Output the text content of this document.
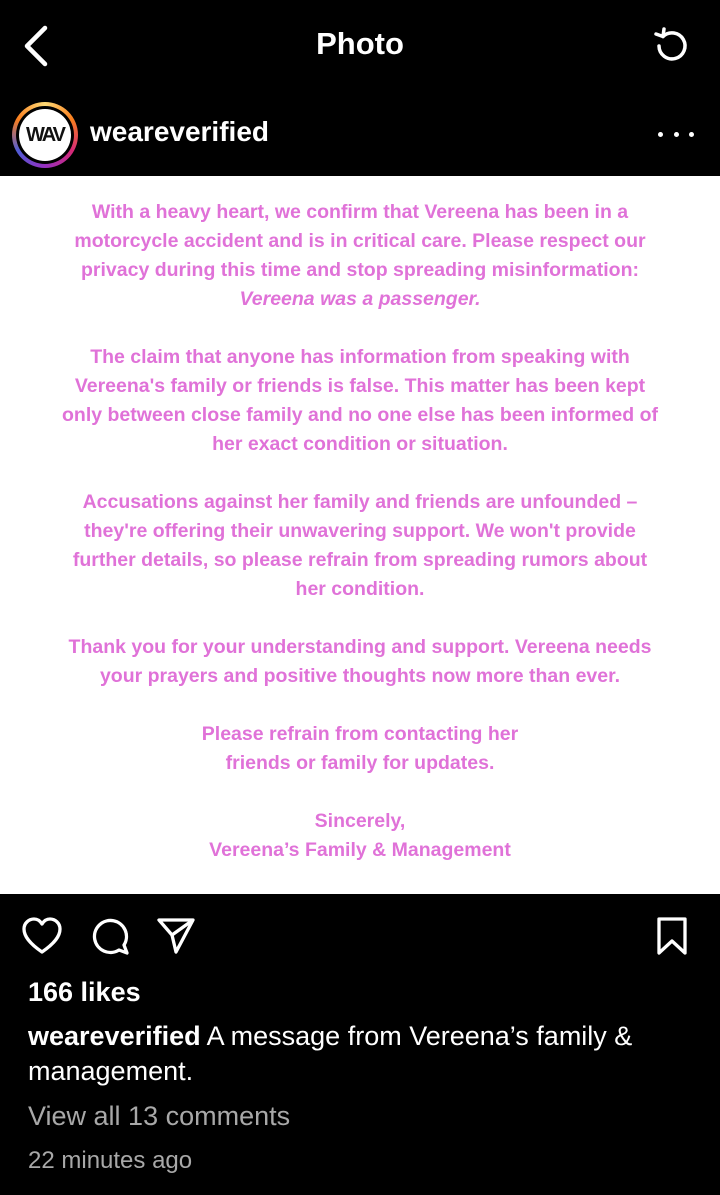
Photo
WAV weareverified

With a heavy heart, we confirm that Vereena has been in a
motorcycle accident and is in critical care. Please respect our
privacy during this time and stop spreading misinformation:
Vereena was a passenger.

The claim that anyone has information from speaking with
Vereena's family or friends is false. This matter has been kept
only between close family and no one else has been informed of
her exact condition or situation.

Accusations against her family and friends are unfounded –
they're offering their unwavering support. We won't provide
further details, so please refrain from spreading rumors about
her condition.

Thank you for your understanding and support. Vereena needs
your prayers and positive thoughts now more than ever.

Please refrain from contacting her
friends or family for updates.

Sincerely,
Vereena’s Family & Management

166 likes
weareverified A message from Vereena’s family & management.
View all 13 comments
22 minutes ago
